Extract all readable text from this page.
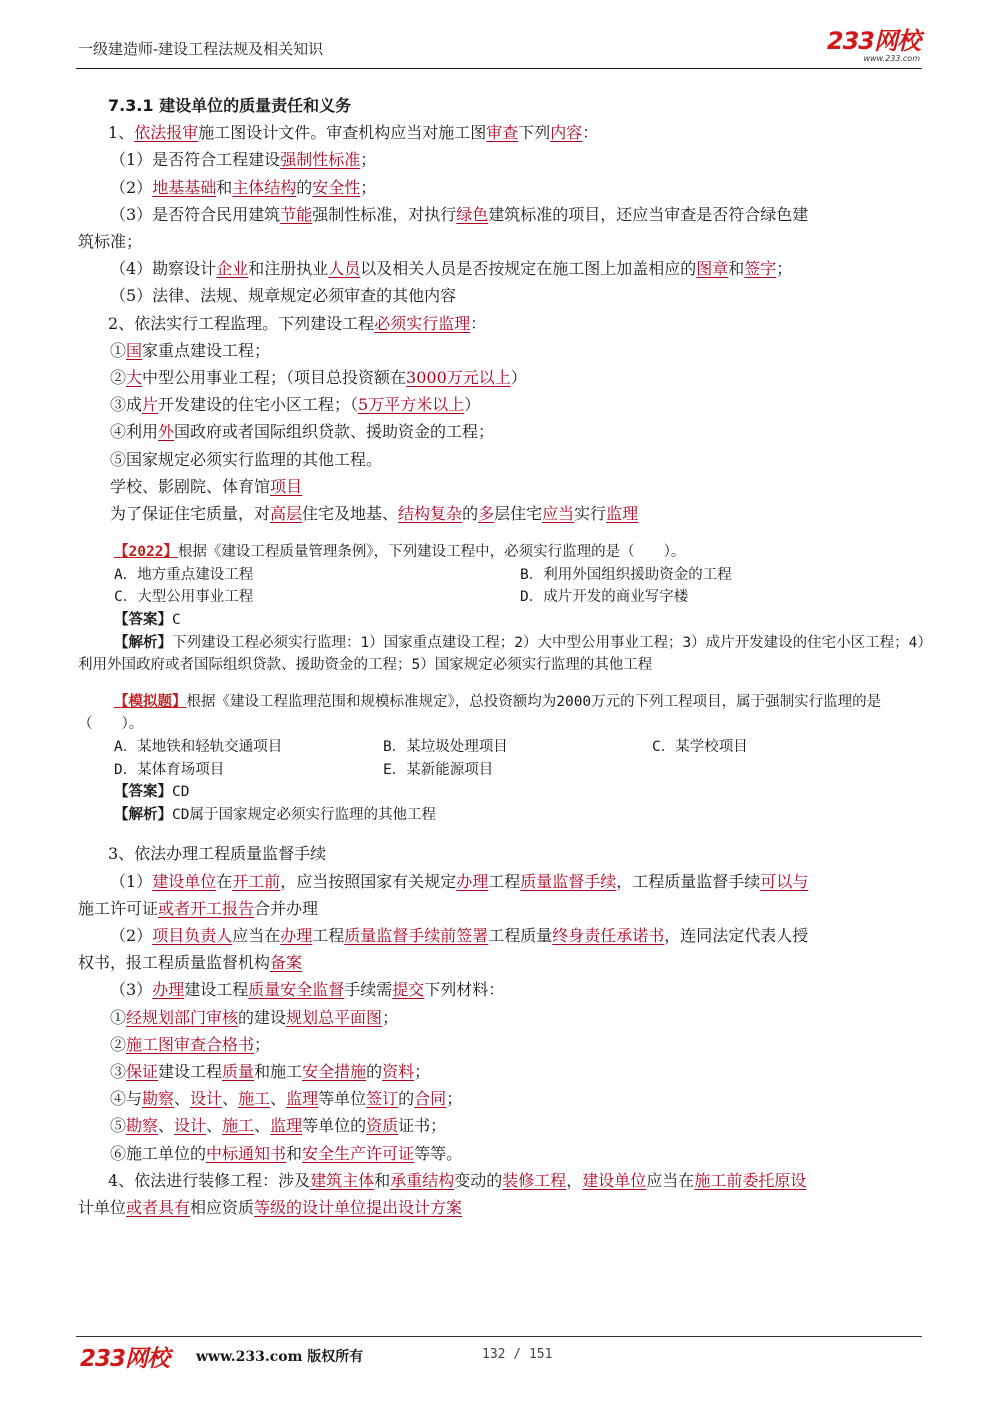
一级建造师-建设工程法规及相关知识	233网校
www.233.com
7.3.1 建设单位的质量责任和义务
1、依法报审施工图设计文件。审查机构应当对施工图审查下列内容：
（1）是否符合工程建设强制性标准；
（2）地基基础和主体结构的安全性；
（3）是否符合民用建筑节能强制性标准，对执行绿色建筑标准的项目，还应当审查是否符合绿色建
筑标准；
（4）勘察设计企业和注册执业人员以及相关人员是否按规定在施工图上加盖相应的图章和签字；
（5）法律、法规、规章规定必须审查的其他内容
2、依法实行工程监理。下列建设工程必须实行监理：
①国家重点建设工程；
②大中型公用事业工程；（项目总投资额在3000万元以上）
③成片开发建设的住宅小区工程；（5万平方米以上）
④利用外国政府或者国际组织贷款、援助资金的工程；
⑤国家规定必须实行监理的其他工程。
学校、影剧院、体育馆项目
为了保证住宅质量，对高层住宅及地基、结构复杂的多层住宅应当实行监理
【2022】根据《建设工程质量管理条例》，下列建设工程中，必须实行监理的是（　　）。
A．地方重点建设工程	B．利用外国组织援助资金的工程
C．大型公用事业工程	D．成片开发的商业写字楼
【答案】C
【解析】下列建设工程必须实行监理：1）国家重点建设工程；2）大中型公用事业工程；3）成片开发建设的住宅小区工程；4）利用外国政府或者国际组织贷款、援助资金的工程；5）国家规定必须实行监理的其他工程
【模拟题】根据《建设工程监理范围和规模标准规定》，总投资额均为2000万元的下列工程项目，属于强制实行监理的是（　　）。
A．某地铁和轻轨交通项目	B．某垃圾处理项目	C．某学校项目
D．某体育场项目	E．某新能源项目
【答案】CD
【解析】CD属于国家规定必须实行监理的其他工程
3、依法办理工程质量监督手续
（1）建设单位在开工前，应当按照国家有关规定办理工程质量监督手续，工程质量监督手续可以与
施工许可证或者开工报告合并办理
（2）项目负责人应当在办理工程质量监督手续前签署工程质量终身责任承诺书，连同法定代表人授
权书，报工程质量监督机构备案
（3）办理建设工程质量安全监督手续需提交下列材料：
①经规划部门审核的建设规划总平面图；
②施工图审查合格书；
③保证建设工程质量和施工安全措施的资料；
④与勘察、设计、施工、监理等单位签订的合同；
⑤勘察、设计、施工、监理等单位的资质证书；
⑥施工单位的中标通知书和安全生产许可证等等。
4、依法进行装修工程：涉及建筑主体和承重结构变动的装修工程，建设单位应当在施工前委托原设
计单位或者具有相应资质等级的设计单位提出设计方案
233网校 www.233.com 版权所有	132 / 151
